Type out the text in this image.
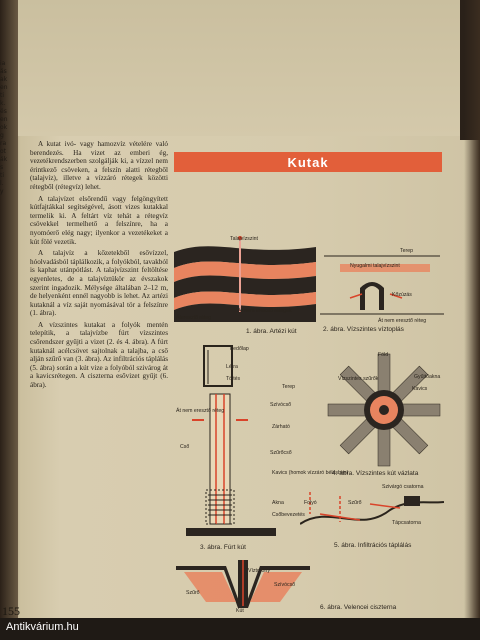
ia
ás
ak
en
ti
k.
és
en
ok
g
ra
ot
ák
s
ti
l.
y

A kutat ivó- vagy hamozvíz vételére való berendezés. Ha vizet az emberi ég, vezetékrendszerben szolgálják ki, a vízzel nem érintkező csöveken, a felszín alatti rétegből (talajvíz), illetve a vízzáró rétegek közötti rétegből (rétegvíz) lehet.

A talajvízet elsőrendű vagy felgöngyített kútfajtákkal segítségével, ásott vizes kutakkal termelik ki. A feltárt víz tehát a rétegvíz csövekkel termelhető a felszínre, ha a nyomóerő elég nagy; ilyenkor a vezetékeket a kút fölé vezetik.

A talajvíz a kőzetekből esővízzel, hóolvadásból táplálkozik, a folyókból, tavakból is kaphat utánpótlást. A talajvízszint feltöltése egyenletes, de a talajvíztükör az évszakok szerint ingadozik. Mélysége általában 2–12 m, de helyenként ennél nagyobb is lehet. Az artézi kutaknál a víz saját nyomásával tör a felszínre (1. ábra).

A vízszintes kutakat a folyók mentén telepítik, a talajvízbe fúrt vízszintes csőrendszer gyűjti a vizet (2. és 4. ábra). A fúrt kutaknál acélcsövet sajtolnak a talajba, a cső alján szűrő van (3. ábra). Az infiltrációs táplálás (5. ábra) során a kút vize a folyóból szivárog át a kavicsrétegen. A ciszterna esővizet gyűjt (6. ábra).

Kutak
Talajvízszint
Át nem eresztő rétegek
Áteresztő réteg
1. ábra. Artézi kút
Terep
Nyugalmi talajvízszint
Kőzúzás
Át nem eresztő réteg
2. ábra. Vízszintes víztoplás
Fedőlap
Létra
Töltés
Terep
Szívócső
Át nem eresztő réteg
Zárható
Cső
Szűrőcső
Kavics (homok vízzáró bélésben)
Akna
Csőbevezetés
3. ábra. Fúrt kút
Föld
Vízszintes szűrők	Gyűjtőakna
Kavics
4. ábra. Vízszintes kút vázlata
Szivárgó csatorna
Folyó	Szűrő
Tápcsatorna
5. ábra. Infiltrációs táplálás
Víztorony
Szívócső
Kút
Szűrő
6. ábra. Velencei ciszterna
155
Antikvárium.hu
